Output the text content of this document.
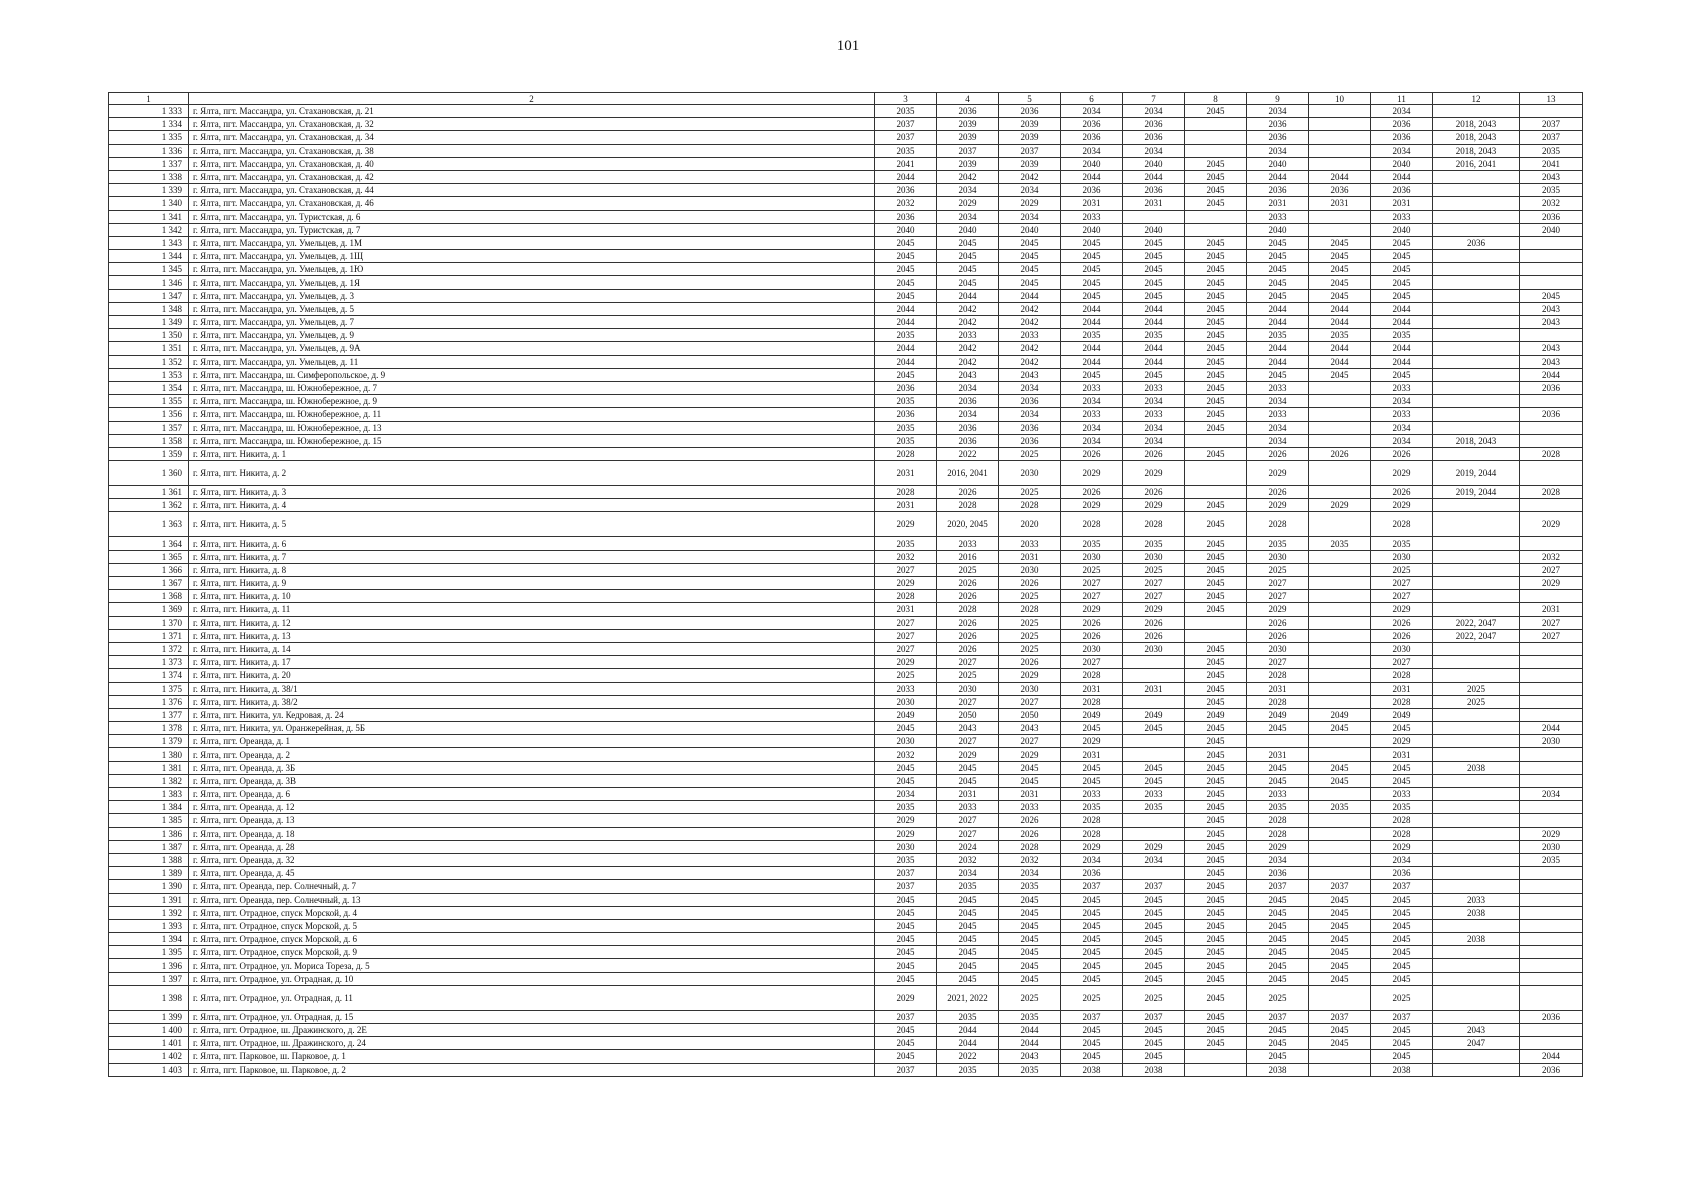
101
1	2	3	4	5	6	7	8	9	10	11	12	13
1 333	г. Ялта, пгт. Массандра, ул. Стахановская, д. 21	2035	2036	2036	2034	2034	2045	2034		2034		
1 334	г. Ялта, пгт. Массандра, ул. Стахановская, д. 32	2037	2039	2039	2036	2036		2036		2036	2018, 2043	2037
1 335	г. Ялта, пгт. Массандра, ул. Стахановская, д. 34	2037	2039	2039	2036	2036		2036		2036	2018, 2043	2037
1 336	г. Ялта, пгт. Массандра, ул. Стахановская, д. 38	2035	2037	2037	2034	2034		2034		2034	2018, 2043	2035
1 337	г. Ялта, пгт. Массандра, ул. Стахановская, д. 40	2041	2039	2039	2040	2040	2045	2040		2040	2016, 2041	2041
1 338	г. Ялта, пгт. Массандра, ул. Стахановская, д. 42	2044	2042	2042	2044	2044	2045	2044	2044	2044		2043
1 339	г. Ялта, пгт. Массандра, ул. Стахановская, д. 44	2036	2034	2034	2036	2036	2045	2036	2036	2036		2035
1 340	г. Ялта, пгт. Массандра, ул. Стахановская, д. 46	2032	2029	2029	2031	2031	2045	2031	2031	2031		2032
1 341	г. Ялта, пгт. Массандра, ул. Туристская, д. 6	2036	2034	2034	2033			2033		2033		2036
1 342	г. Ялта, пгт. Массандра, ул. Туристская, д. 7	2040	2040	2040	2040	2040		2040		2040		2040
1 343	г. Ялта, пгт. Массандра, ул. Умельцев, д. 1М	2045	2045	2045	2045	2045	2045	2045	2045	2045	2036	
1 344	г. Ялта, пгт. Массандра, ул. Умельцев, д. 1Щ	2045	2045	2045	2045	2045	2045	2045	2045	2045		
1 345	г. Ялта, пгт. Массандра, ул. Умельцев, д. 1Ю	2045	2045	2045	2045	2045	2045	2045	2045	2045		
1 346	г. Ялта, пгт. Массандра, ул. Умельцев, д. 1Я	2045	2045	2045	2045	2045	2045	2045	2045	2045		
1 347	г. Ялта, пгт. Массандра, ул. Умельцев, д. 3	2045	2044	2044	2045	2045	2045	2045	2045	2045		2045
1 348	г. Ялта, пгт. Массандра, ул. Умельцев, д. 5	2044	2042	2042	2044	2044	2045	2044	2044	2044		2043
1 349	г. Ялта, пгт. Массандра, ул. Умельцев, д. 7	2044	2042	2042	2044	2044	2045	2044	2044	2044		2043
1 350	г. Ялта, пгт. Массандра, ул. Умельцев, д. 9	2035	2033	2033	2035	2035	2045	2035	2035	2035		
1 351	г. Ялта, пгт. Массандра, ул. Умельцев, д. 9А	2044	2042	2042	2044	2044	2045	2044	2044	2044		2043
1 352	г. Ялта, пгт. Массандра, ул. Умельцев, д. 11	2044	2042	2042	2044	2044	2045	2044	2044	2044		2043
1 353	г. Ялта, пгт. Массандра, ш. Симферопольское, д. 9	2045	2043	2043	2045	2045	2045	2045	2045	2045		2044
1 354	г. Ялта, пгт. Массандра, ш. Южнобережное, д. 7	2036	2034	2034	2033	2033	2045	2033		2033		2036
1 355	г. Ялта, пгт. Массандра, ш. Южнобережное, д. 9	2035	2036	2036	2034	2034	2045	2034		2034		
1 356	г. Ялта, пгт. Массандра, ш. Южнобережное, д. 11	2036	2034	2034	2033	2033	2045	2033		2033		2036
1 357	г. Ялта, пгт. Массандра, ш. Южнобережное, д. 13	2035	2036	2036	2034	2034	2045	2034		2034		
1 358	г. Ялта, пгт. Массандра, ш. Южнобережное, д. 15	2035	2036	2036	2034	2034		2034		2034	2018, 2043	
1 359	г. Ялта, пгт. Никита, д. 1	2028	2022	2025	2026	2026	2045	2026	2026	2026		2028
1 360	г. Ялта, пгт. Никита, д. 2	2031	2016, 2041	2030	2029	2029		2029		2029	2019, 2044	
1 361	г. Ялта, пгт. Никита, д. 3	2028	2026	2025	2026	2026		2026		2026	2019, 2044	2028
1 362	г. Ялта, пгт. Никита, д. 4	2031	2028	2028	2029	2029	2045	2029	2029	2029		
1 363	г. Ялта, пгт. Никита, д. 5	2029	2020, 2045	2020	2028	2028	2045	2028		2028		2029
1 364	г. Ялта, пгт. Никита, д. 6	2035	2033	2033	2035	2035	2045	2035	2035	2035		
1 365	г. Ялта, пгт. Никита, д. 7	2032	2016	2031	2030	2030	2045	2030		2030		2032
1 366	г. Ялта, пгт. Никита, д. 8	2027	2025	2030	2025	2025	2045	2025		2025		2027
1 367	г. Ялта, пгт. Никита, д. 9	2029	2026	2026	2027	2027	2045	2027		2027		2029
1 368	г. Ялта, пгт. Никита, д. 10	2028	2026	2025	2027	2027	2045	2027		2027		
1 369	г. Ялта, пгт. Никита, д. 11	2031	2028	2028	2029	2029	2045	2029		2029		2031
1 370	г. Ялта, пгт. Никита, д. 12	2027	2026	2025	2026	2026		2026		2026	2022, 2047	2027
1 371	г. Ялта, пгт. Никита, д. 13	2027	2026	2025	2026	2026		2026		2026	2022, 2047	2027
1 372	г. Ялта, пгт. Никита, д. 14	2027	2026	2025	2030	2030	2045	2030		2030		
1 373	г. Ялта, пгт. Никита, д. 17	2029	2027	2026	2027		2045	2027		2027		
1 374	г. Ялта, пгт. Никита, д. 20	2025	2025	2029	2028		2045	2028		2028		
1 375	г. Ялта, пгт. Никита, д. 38/1	2033	2030	2030	2031	2031	2045	2031		2031	2025	
1 376	г. Ялта, пгт. Никита, д. 38/2	2030	2027	2027	2028		2045	2028		2028	2025	
1 377	г. Ялта, пгт. Никита, ул. Кедровая, д. 24	2049	2050	2050	2049	2049	2049	2049	2049	2049		
1 378	г. Ялта, пгт. Никита, ул. Оранжерейная, д. 5Б	2045	2043	2043	2045	2045	2045	2045	2045	2045		2044
1 379	г. Ялта, пгт. Ореанда, д. 1	2030	2027	2027	2029		2045			2029		2030
1 380	г. Ялта, пгт. Ореанда, д. 2	2032	2029	2029	2031		2045	2031		2031		
1 381	г. Ялта, пгт. Ореанда, д. 3Б	2045	2045	2045	2045	2045	2045	2045	2045	2045	2038	
1 382	г. Ялта, пгт. Ореанда, д. 3В	2045	2045	2045	2045	2045	2045	2045	2045	2045		
1 383	г. Ялта, пгт. Ореанда, д. 6	2034	2031	2031	2033	2033	2045	2033		2033		2034
1 384	г. Ялта, пгт. Ореанда, д. 12	2035	2033	2033	2035	2035	2045	2035	2035	2035		
1 385	г. Ялта, пгт. Ореанда, д. 13	2029	2027	2026	2028		2045	2028		2028		
1 386	г. Ялта, пгт. Ореанда, д. 18	2029	2027	2026	2028		2045	2028		2028		2029
1 387	г. Ялта, пгт. Ореанда, д. 28	2030	2024	2028	2029	2029	2045	2029		2029		2030
1 388	г. Ялта, пгт. Ореанда, д. 32	2035	2032	2032	2034	2034	2045	2034		2034		2035
1 389	г. Ялта, пгт. Ореанда, д. 45	2037	2034	2034	2036		2045	2036		2036		
1 390	г. Ялта, пгт. Ореанда, пер. Солнечный, д. 7	2037	2035	2035	2037	2037	2045	2037	2037	2037		
1 391	г. Ялта, пгт. Ореанда, пер. Солнечный, д. 13	2045	2045	2045	2045	2045	2045	2045	2045	2045	2033	
1 392	г. Ялта, пгт. Отрадное, спуск Морской, д. 4	2045	2045	2045	2045	2045	2045	2045	2045	2045	2038	
1 393	г. Ялта, пгт. Отрадное, спуск Морской, д. 5	2045	2045	2045	2045	2045	2045	2045	2045	2045		
1 394	г. Ялта, пгт. Отрадное, спуск Морской, д. 6	2045	2045	2045	2045	2045	2045	2045	2045	2045	2038	
1 395	г. Ялта, пгт. Отрадное, спуск Морской, д. 9	2045	2045	2045	2045	2045	2045	2045	2045	2045		
1 396	г. Ялта, пгт. Отрадное, ул. Мориса Тореза, д. 5	2045	2045	2045	2045	2045	2045	2045	2045	2045		
1 397	г. Ялта, пгт. Отрадное, ул. Отрадная, д. 10	2045	2045	2045	2045	2045	2045	2045	2045	2045		
1 398	г. Ялта, пгт. Отрадное, ул. Отрадная, д. 11	2029	2021, 2022	2025	2025	2025	2045	2025		2025		
1 399	г. Ялта, пгт. Отрадное, ул. Отрадная, д. 15	2037	2035	2035	2037	2037	2045	2037	2037	2037		2036
1 400	г. Ялта, пгт. Отрадное, ш. Дражинского, д. 2Е	2045	2044	2044	2045	2045	2045	2045	2045	2045	2043	
1 401	г. Ялта, пгт. Отрадное, ш. Дражинского, д. 24	2045	2044	2044	2045	2045	2045	2045	2045	2045	2047	
1 402	г. Ялта, пгт. Парковое, ш. Парковое, д. 1	2045	2022	2043	2045	2045		2045		2045		2044
1 403	г. Ялта, пгт. Парковое, ш. Парковое, д. 2	2037	2035	2035	2038	2038		2038		2038		2036
